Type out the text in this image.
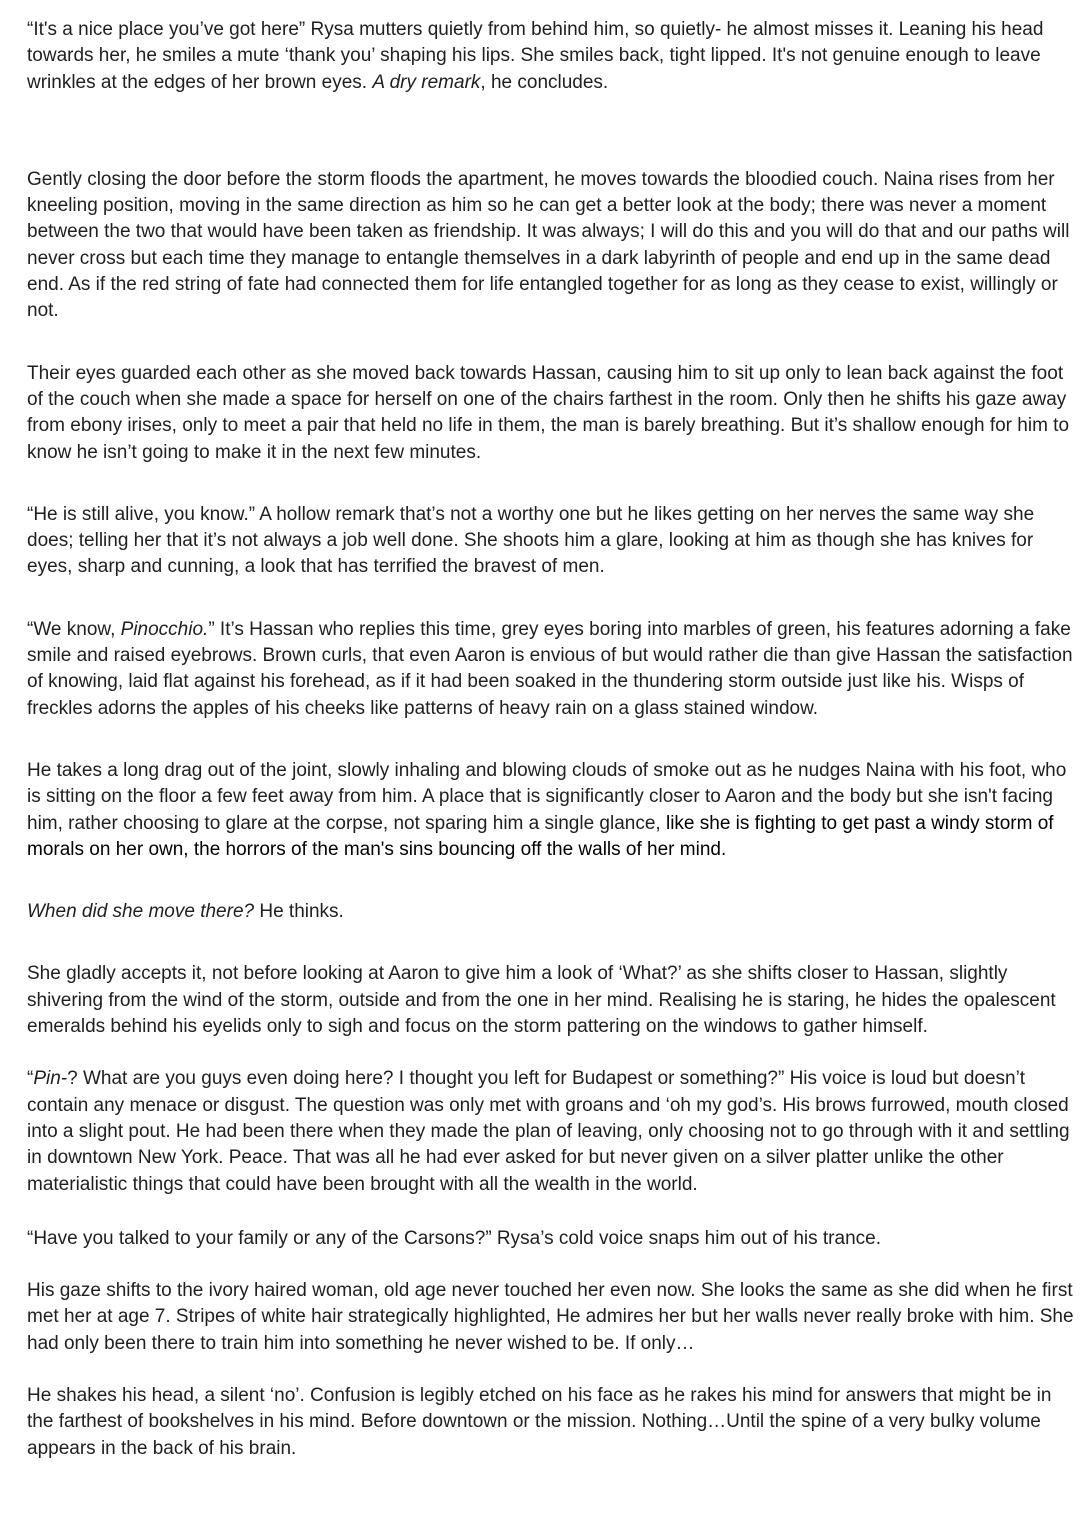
“It's a nice place you’ve got here” Rysa mutters quietly from behind him, so quietly- he almost misses it. Leaning his head towards her, he smiles a mute ‘thank you’ shaping his lips. She smiles back, tight lipped. It's not genuine enough to leave wrinkles at the edges of her brown eyes. A dry remark, he concludes.

Gently closing the door before the storm floods the apartment, he moves towards the bloodied couch. Naina rises from her kneeling position, moving in the same direction as him so he can get a better look at the body; there was never a moment between the two that would have been taken as friendship. It was always; I will do this and you will do that and our paths will never cross but each time they manage to entangle themselves in a dark labyrinth of people and end up in the same dead end. As if the red string of fate had connected them for life entangled together for as long as they cease to exist, willingly or not.

Their eyes guarded each other as she moved back towards Hassan, causing him to sit up only to lean back against the foot of the couch when she made a space for herself on one of the chairs farthest in the room. Only then he shifts his gaze away from ebony irises, only to meet a pair that held no life in them, the man is barely breathing. But it’s shallow enough for him to know he isn’t going to make it in the next few minutes.

“He is still alive, you know.” A hollow remark that’s not a worthy one but he likes getting on her nerves the same way she does; telling her that it’s not always a job well done. She shoots him a glare, looking at him as though she has knives for eyes, sharp and cunning, a look that has terrified the bravest of men.

“We know, Pinocchio.” It’s Hassan who replies this time, grey eyes boring into marbles of green, his features adorning a fake smile and raised eyebrows. Brown curls, that even Aaron is envious of but would rather die than give Hassan the satisfaction of knowing, laid flat against his forehead, as if it had been soaked in the thundering storm outside just like his. Wisps of freckles adorns the apples of his cheeks like patterns of heavy rain on a glass stained window.

He takes a long drag out of the joint, slowly inhaling and blowing clouds of smoke out as he nudges Naina with his foot, who is sitting on the floor a few feet away from him. A place that is significantly closer to Aaron and the body but she isn't facing him, rather choosing to glare at the corpse, not sparing him a single glance, like she is fighting to get past a windy storm of morals on her own, the horrors of the man's sins bouncing off the walls of her mind.

When did she move there? He thinks.

She gladly accepts it, not before looking at Aaron to give him a look of ‘What?’ as she shifts closer to Hassan, slightly shivering from the wind of the storm, outside and from the one in her mind. Realising he is staring, he hides the opalescent emeralds behind his eyelids only to sigh and focus on the storm pattering on the windows to gather himself.

“Pin-? What are you guys even doing here? I thought you left for Budapest or something?” His voice is loud but doesn’t contain any menace or disgust. The question was only met with groans and ‘oh my god’s. His brows furrowed, mouth closed into a slight pout. He had been there when they made the plan of leaving, only choosing not to go through with it and settling in downtown New York. Peace. That was all he had ever asked for but never given on a silver platter unlike the other materialistic things that could have been brought with all the wealth in the world.

“Have you talked to your family or any of the Carsons?” Rysa’s cold voice snaps him out of his trance.

His gaze shifts to the ivory haired woman, old age never touched her even now. She looks the same as she did when he first met her at age 7. Stripes of white hair strategically highlighted, He admires her but her walls never really broke with him. She had only been there to train him into something he never wished to be. If only…

He shakes his head, a silent ‘no’. Confusion is legibly etched on his face as he rakes his mind for answers that might be in the farthest of bookshelves in his mind. Before downtown or the mission. Nothing…Until the spine of a very bulky volume appears in the back of his brain.
